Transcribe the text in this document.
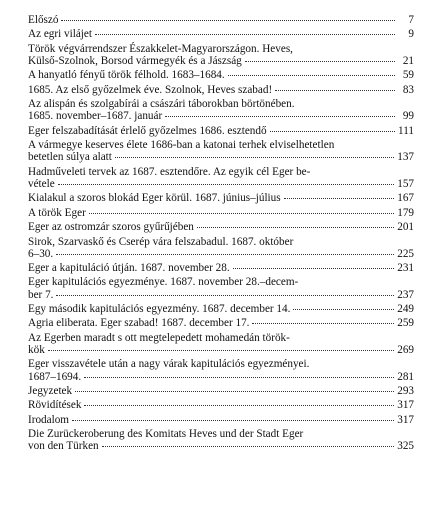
Előszó	7
Az egri vilájet	9
Török végvárrendszer Északkelet-Magyarországon. Heves,
Külső-Szolnok, Borsod vármegyék és a Jászság	21
A hanyatló fényű török félhold. 1683–1684.	59
1685. Az első győzelmek éve. Szolnok, Heves szabad!	83
Az alispán és szolgabírái a császári táborokban börtönében.
1685. november–1687. január	99
Eger felszabadítását érlelő győzelmes 1686. esztendő	111
A vármegye keserves élete 1686-ban a katonai terhek elviselhetetlen
betetlen súlya alatt	137
Hadműveleti tervek az 1687. esztendőre. Az egyik cél Eger be-
vétele	157
Kialakul a szoros blokád Eger körül. 1687. június–július	167
A török Eger	179
Eger az ostromzár szoros gyűrűjében	201
Sirok, Szarvaskő és Cserép vára felszabadul. 1687. október
6–30.	225
Eger a kapituláció útján. 1687. november 28.	231
Eger kapitulációs egyezménye. 1687. november 28.–decem-
ber 7.	237
Egy második kapitulációs egyezmény. 1687. december 14.	249
Agria eliberata. Eger szabad! 1687. december 17.	259
Az Egerben maradt s ott megtelepedett mohamedán török-
kök	269
Eger visszavétele után a nagy várak kapitulációs egyezményei.
1687–1694.	281
Jegyzetek	293
Rövidítések	317
Irodalom	317
Die Zurückeroberung des Komitats Heves und der Stadt Eger
von den Türken	325
